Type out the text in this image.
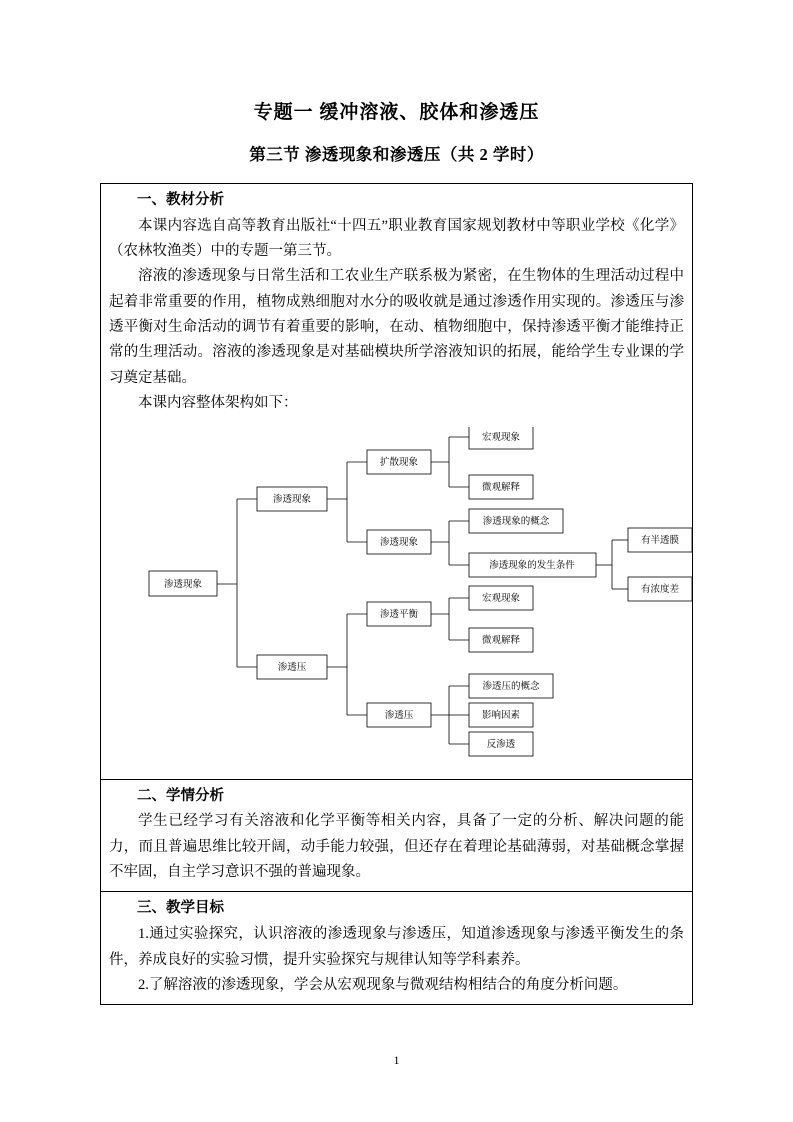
专题一 缓冲溶液、胶体和渗透压
第三节 渗透现象和渗透压（共 2 学时）
一、教材分析

本课内容选自高等教育出版社“十四五”职业教育国家规划教材中等职业学校《化学》（农林牧渔类）中的专题一第三节。

溶液的渗透现象与日常生活和工农业生产联系极为紧密，在生物体的生理活动过程中起着非常重要的作用，植物成熟细胞对水分的吸收就是通过渗透作用实现的。渗透压与渗透平衡对生命活动的调节有着重要的影响，在动、植物细胞中，保持渗透平衡才能维持正常的生理活动。溶液的渗透现象是对基础模块所学溶液知识的拓展，能给学生专业课的学习奠定基础。

本课内容整体架构如下：

渗透现象
渗透现象
渗透压
扩散现象
渗透现象
渗透平衡
渗透压
宏观现象
微观解释
渗透现象的概念
渗透现象的发生条件
宏观现象
微观解释
渗透压的概念
影响因素
反渗透
有半透膜
有浓度差

二、学情分析

学生已经学习有关溶液和化学平衡等相关内容，具备了一定的分析、解决问题的能力，而且普遍思维比较开阔，动手能力较强，但还存在着理论基础薄弱，对基础概念掌握不牢固，自主学习意识不强的普遍现象。

三、教学目标

1.通过实验探究，认识溶液的渗透现象与渗透压，知道渗透现象与渗透平衡发生的条件，养成良好的实验习惯，提升实验探究与规律认知等学科素养。

2.了解溶液的渗透现象，学会从宏观现象与微观结构相结合的角度分析问题。

1
